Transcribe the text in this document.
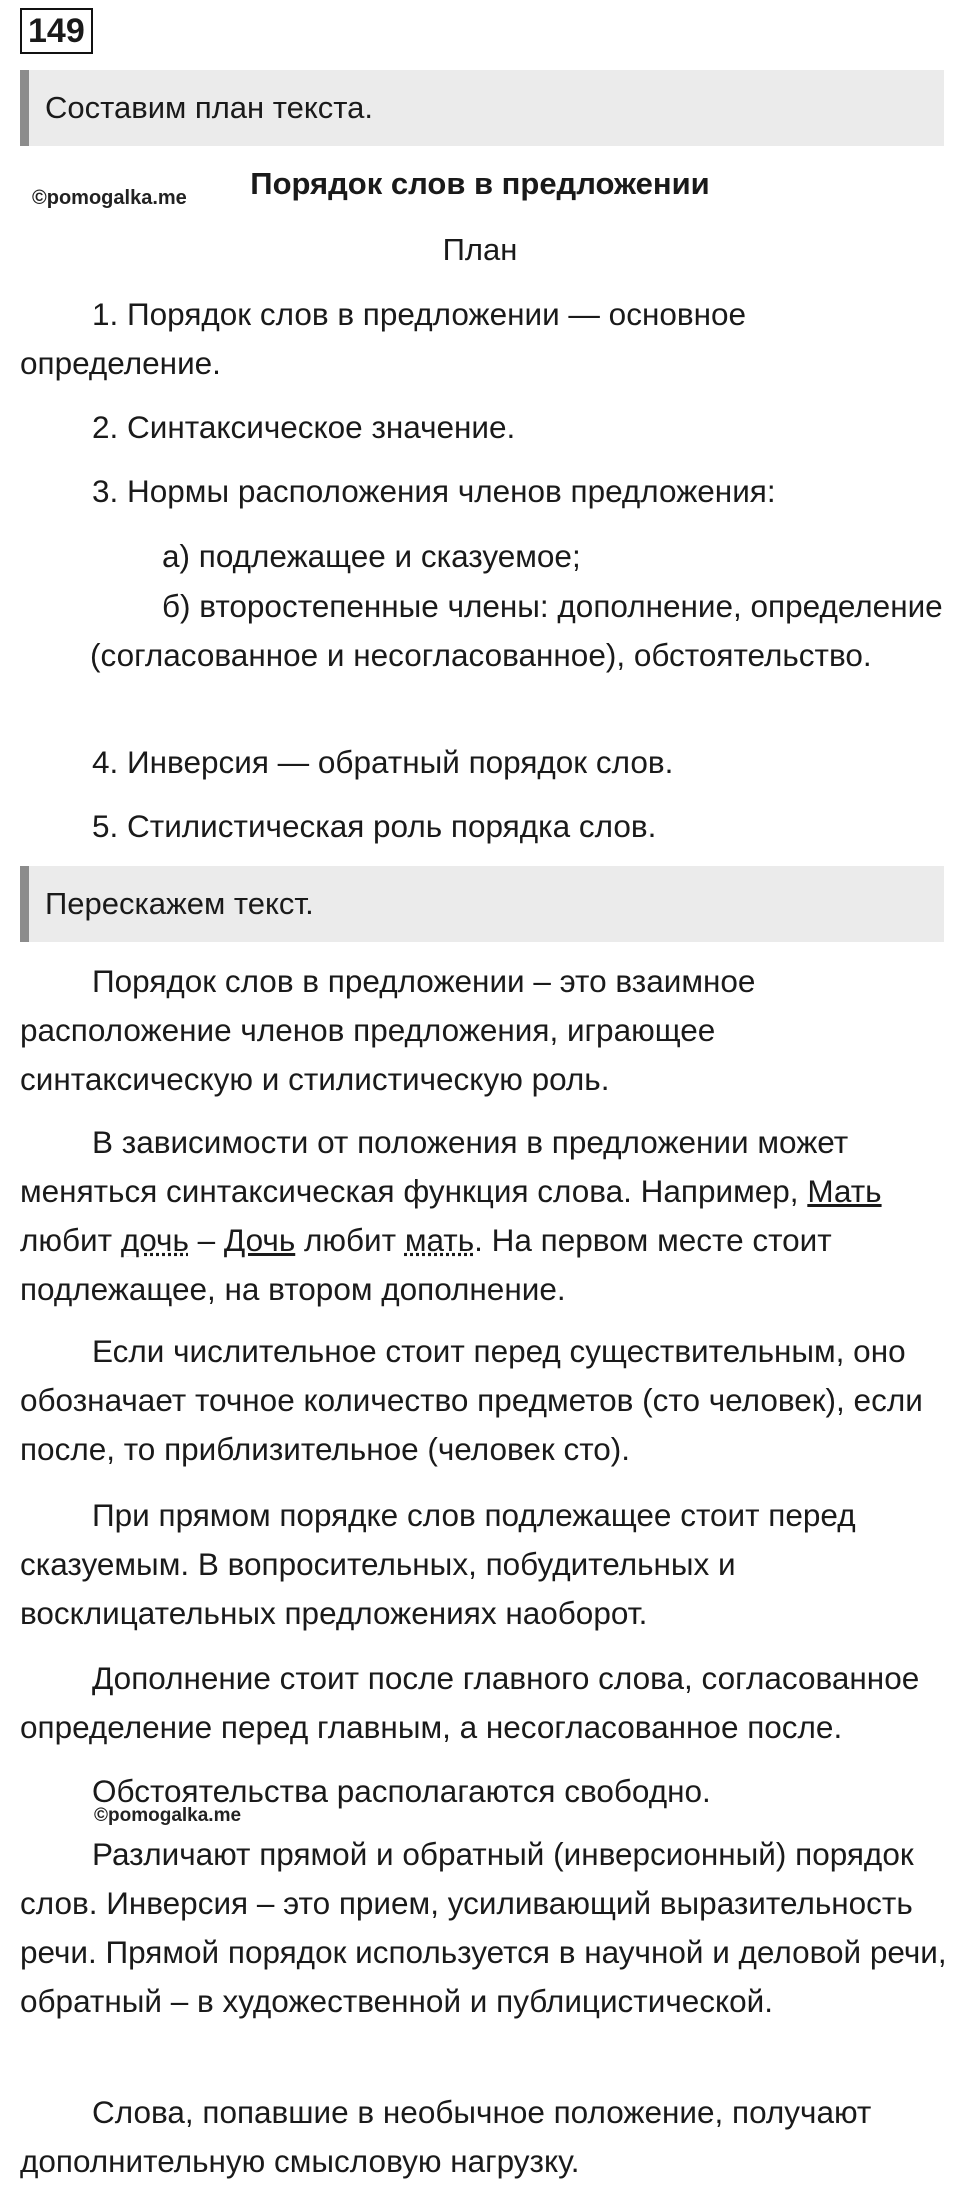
149
Составим план текста.
©pomogalka.me	Порядок слов в предложении
План

1. Порядок слов в предложении — основное определение.

2. Синтаксическое значение.

3. Нормы расположения членов предложения:

а) подлежащее и сказуемое;

б) второстепенные члены: дополнение, определение (согласованное и несогласованное), обстоятельство.

4. Инверсия — обратный порядок слов.

5. Стилистическая роль порядка слов.

Перескажем текст.

Порядок слов в предложении – это взаимное расположение членов предложения, играющее синтаксическую и стилистическую роль.

В зависимости от положения в предложении может меняться синтаксическая функция слова. Например, Мать любит дочь – Дочь любит мать. На первом месте стоит подлежащее, на втором дополнение.

Если числительное стоит перед существительным, оно обозначает точное количество предметов (сто человек), если после, то приблизительное (человек сто).

При прямом порядке слов подлежащее стоит перед сказуемым. В вопросительных, побудительных и восклицательных предложениях наоборот.

Дополнение стоит после главного слова, согласованное определение перед главным, а несогласованное после.

Обстоятельства располагаются свободно.

©pomogalka.me

Различают прямой и обратный (инверсионный) порядок слов. Инверсия – это прием, усиливающий выразительность речи. Прямой порядок используется в научной и деловой речи, обратный – в художественной и публицистической.

Слова, попавшие в необычное положение, получают дополнительную смысловую нагрузку.
